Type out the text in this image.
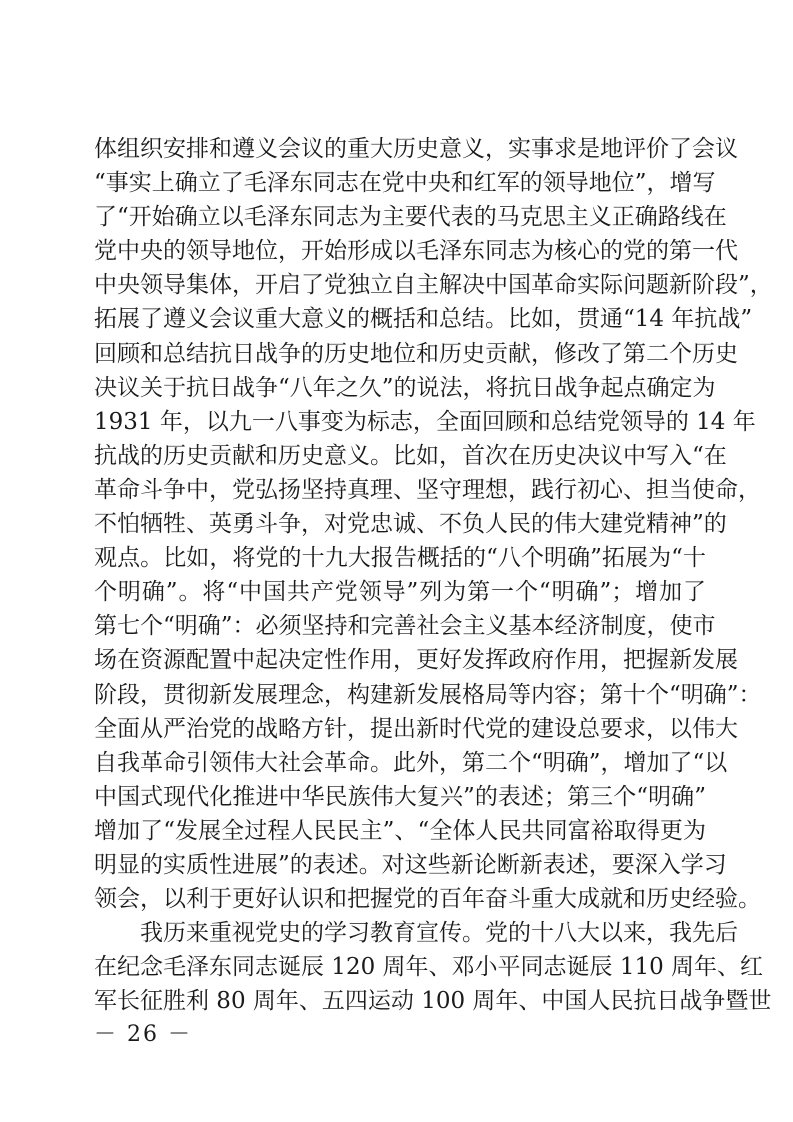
体组织安排和遵义会议的重大历史意义，实事求是地评价了会议
“事实上确立了毛泽东同志在党中央和红军的领导地位”，增写
了“开始确立以毛泽东同志为主要代表的马克思主义正确路线在
党中央的领导地位，开始形成以毛泽东同志为核心的党的第一代
中央领导集体，开启了党独立自主解决中国革命实际问题新阶段”，
拓展了遵义会议重大意义的概括和总结。比如，贯通“14 年抗战”
回顾和总结抗日战争的历史地位和历史贡献，修改了第二个历史
决议关于抗日战争“八年之久”的说法，将抗日战争起点确定为
1931 年，以九一八事变为标志，全面回顾和总结党领导的 14 年
抗战的历史贡献和历史意义。比如，首次在历史决议中写入“在
革命斗争中，党弘扬坚持真理、坚守理想，践行初心、担当使命，
不怕牺牲、英勇斗争，对党忠诚、不负人民的伟大建党精神”的
观点。比如，将党的十九大报告概括的“八个明确”拓展为“十
个明确”。将“中国共产党领导”列为第一个“明确”；增加了
第七个“明确”：必须坚持和完善社会主义基本经济制度，使市
场在资源配置中起决定性作用，更好发挥政府作用，把握新发展
阶段，贯彻新发展理念，构建新发展格局等内容；第十个“明确”：
全面从严治党的战略方针，提出新时代党的建设总要求，以伟大
自我革命引领伟大社会革命。此外，第二个“明确”，增加了“以
中国式现代化推进中华民族伟大复兴”的表述；第三个“明确”
增加了“发展全过程人民民主”、“全体人民共同富裕取得更为
明显的实质性进展”的表述。对这些新论断新表述，要深入学习
领会，以利于更好认识和把握党的百年奋斗重大成就和历史经验。
　　我历来重视党史的学习教育宣传。党的十八大以来，我先后
在纪念毛泽东同志诞辰 120 周年、邓小平同志诞辰 110 周年、红
军长征胜利 80 周年、五四运动 100 周年、中国人民抗日战争暨世
－ 26 －
